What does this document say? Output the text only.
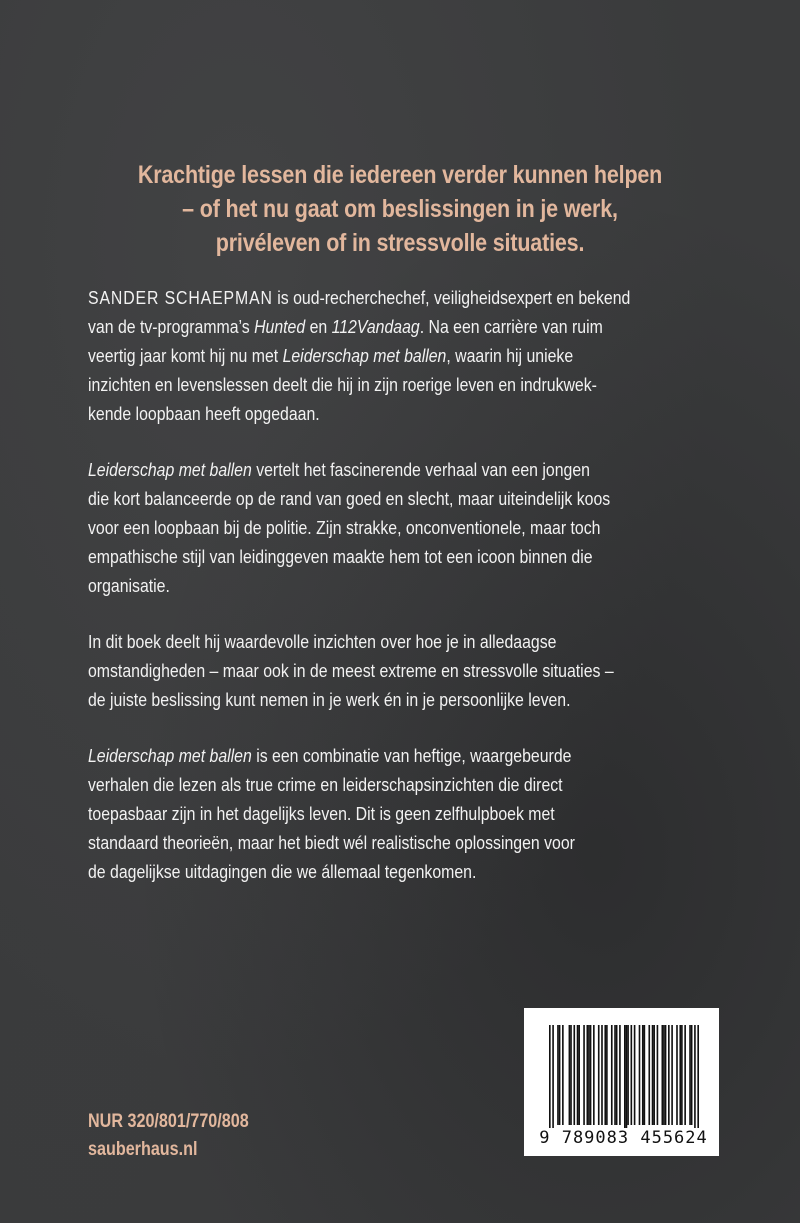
Krachtige lessen die iedereen verder kunnen helpen
– of het nu gaat om beslissingen in je werk,
privéleven of in stressvolle situaties.
SANDER SCHAEPMAN is oud-recherchechef, veiligheidsexpert en bekend
van de tv-programma’s Hunted en 112Vandaag. Na een carrière van ruim
veertig jaar komt hij nu met Leiderschap met ballen, waarin hij unieke
inzichten en levenslessen deelt die hij in zijn roerige leven en indrukwek-
kende loopbaan heeft opgedaan.
Leiderschap met ballen vertelt het fascinerende verhaal van een jongen
die kort balanceerde op de rand van goed en slecht, maar uiteindelijk koos
voor een loopbaan bij de politie. Zijn strakke, onconventionele, maar toch
empathische stijl van leidinggeven maakte hem tot een icoon binnen die
organisatie.
In dit boek deelt hij waardevolle inzichten over hoe je in alledaagse
omstandigheden – maar ook in de meest extreme en stressvolle situaties –
de juiste beslissing kunt nemen in je werk én in je persoonlijke leven.
Leiderschap met ballen is een combinatie van heftige, waargebeurde
verhalen die lezen als true crime en leiderschapsinzichten die direct
toepasbaar zijn in het dagelijks leven. Dit is geen zelfhulpboek met
standaard theorieën, maar het biedt wél realistische oplossingen voor
de dagelijkse uitdagingen die we állemaal tegenkomen.
NUR 320/801/770/808
sauberhaus.nl
9 789083 455624
